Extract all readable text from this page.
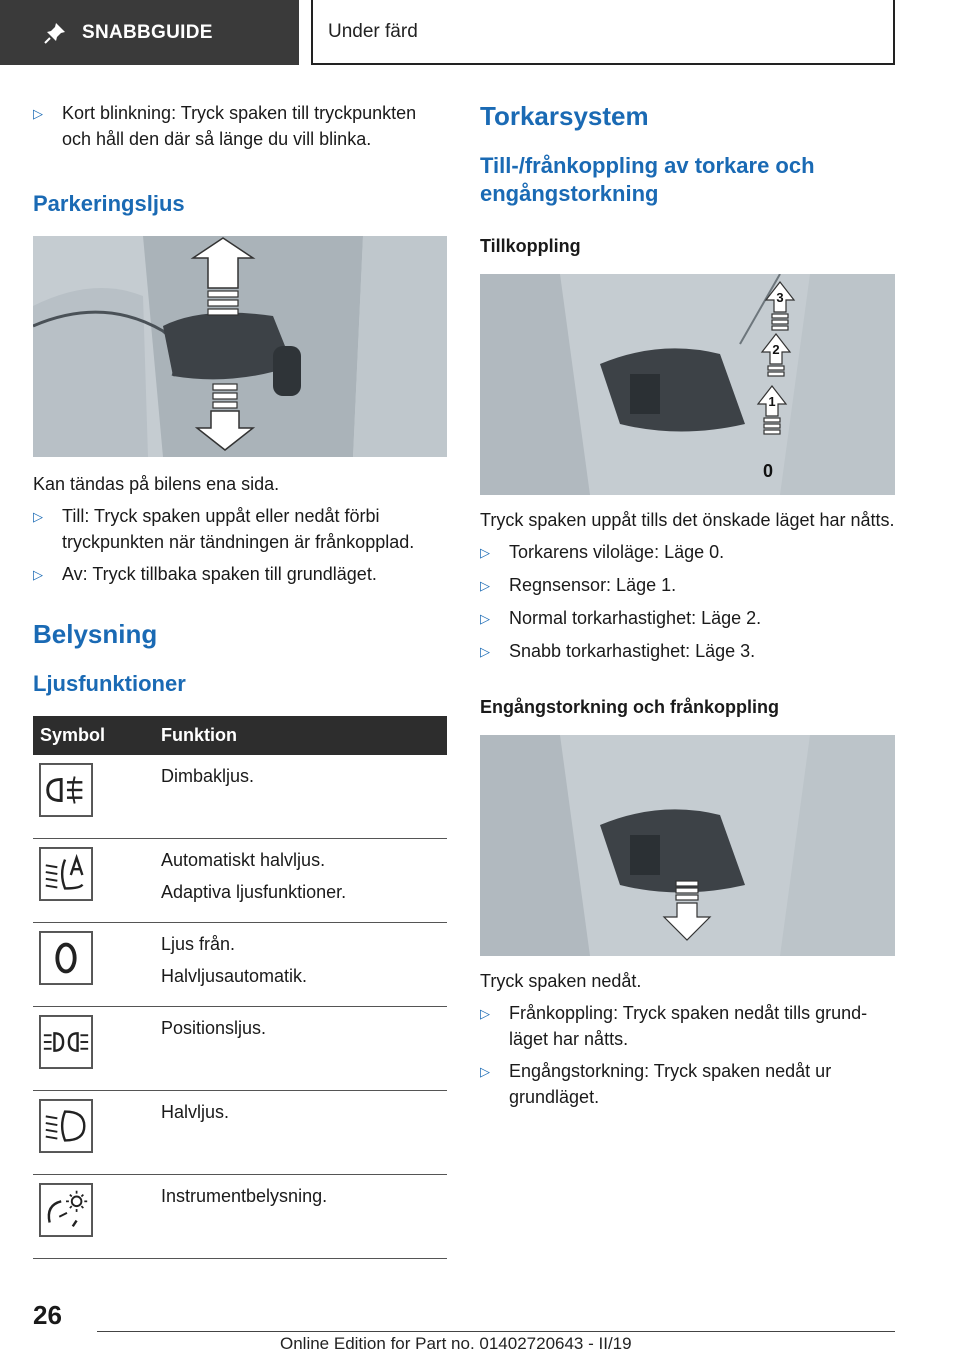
SNABBGUIDE	Under färd
▷	Kort blinkning: Tryck spaken till tryckpunkten och håll den där så länge du vill blinka.
Parkeringsljus
Kan tändas på bilens ena sida.
▷	Till: Tryck spaken uppåt eller nedåt förbi tryckpunkten när tändningen är frånkopplad.
▷	Av: Tryck tillbaka spaken till grundläget.
Belysning
Ljusfunktioner
Symbol	Funktion

Dimbakljus.

Automatiskt halvljus.
Adaptiva ljusfunktioner.

Ljus från.
Halvljusautomatik.

Positionsljus.

Halvljus.

Instrumentbelysning.
Torkarsystem
Till-/frånkoppling av torkare och engångstorkning
Tillkoppling
3
2
1
0
Tryck spaken uppåt tills det önskade läget har nåtts.
▷	Torkarens viloläge: Läge 0.
▷	Regnsensor: Läge 1.
▷	Normal torkarhastighet: Läge 2.
▷	Snabb torkarhastighet: Läge 3.
Engångstorkning och frånkoppling
Tryck spaken nedåt.
▷	Frånkoppling: Tryck spaken nedåt tills grund-läget har nåtts.
▷	Engångstorkning: Tryck spaken nedåt ur grundläget.
26
Online Edition for Part no. 01402720643 - II/19
